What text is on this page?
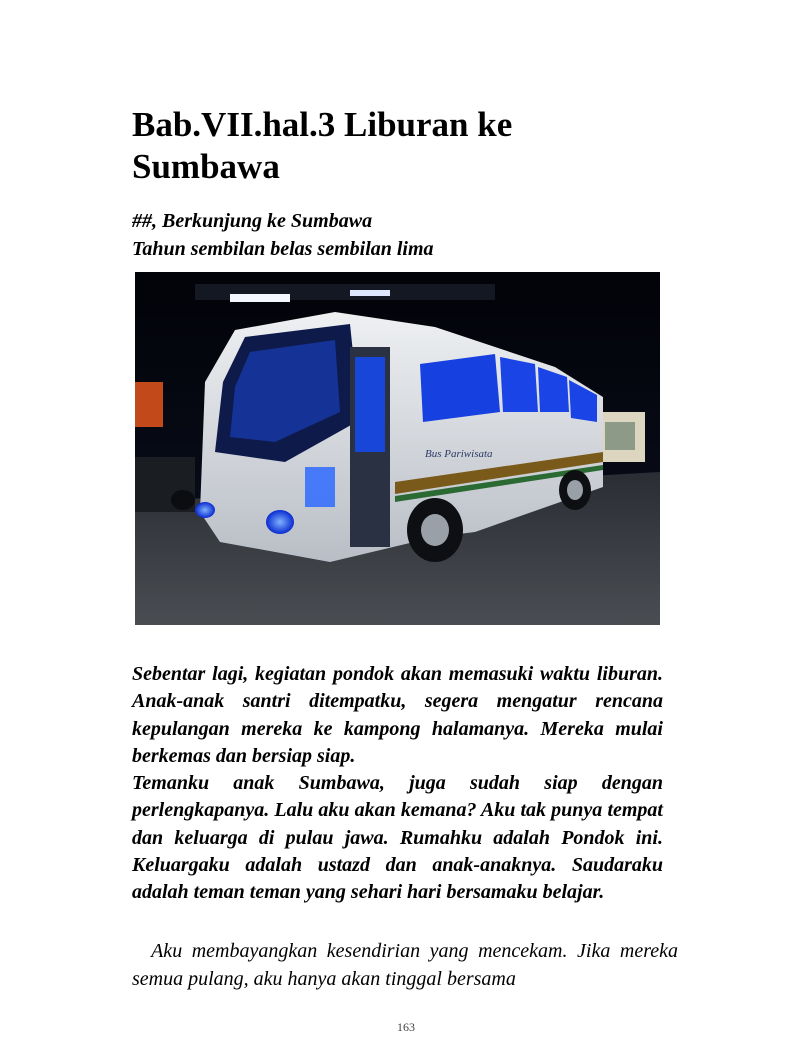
Bab.VII.hal.3 Liburan ke Sumbawa
##, Berkunjung ke Sumbawa
Tahun sembilan belas sembilan lima
Bus Pariwisata

Sebentar lagi, kegiatan pondok akan memasuki waktu liburan. Anak-anak santri ditempatku, segera mengatur rencana kepulangan mereka ke kampong halamanya. Mereka mulai berkemas dan bersiap siap.

Temanku anak Sumbawa, juga sudah siap dengan perlengkapanya. Lalu aku akan kemana? Aku tak punya tempat dan keluarga di pulau jawa. Rumahku adalah Pondok ini. Keluargaku adalah ustazd dan anak-anaknya. Saudaraku adalah teman teman yang sehari hari bersamaku belajar.

Aku membayangkan kesendirian yang mencekam. Jika mereka semua pulang, aku hanya akan tinggal bersama

163
